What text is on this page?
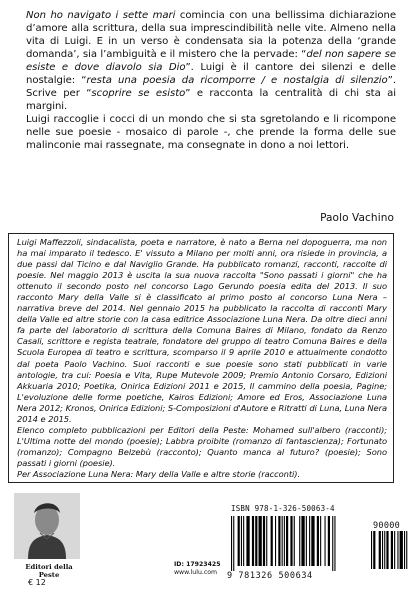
Non ho navigato i sette mari comincia con una bellissima dichiarazione d’amore alla scrittura, della sua imprescindibilità nelle vite. Almeno nella vita di Luigi. E in un verso è condensata sia la potenza della ‘grande domanda’, sia l’ambiguità e il mistero che la pervade: “del non sapere se esiste e dove diavolo sia Dio”. Luigi è il cantore dei silenzi e delle nostalgie: “resta una poesia da ricomporre / e nostalgia di silenzio”. Scrive per “scoprire se esisto” e racconta la centralità di chi sta ai margini.
Luigi raccoglie i cocci di un mondo che si sta sgretolando e li ricompone nelle sue poesie - mosaico di parole -, che prende la forma delle sue malinconie mai rassegnate, ma consegnate in dono a noi lettori.
Paolo Vachino

Luigi Maffezzoli, sindacalista, poeta e narratore, è nato a Berna nel dopoguerra, ma non ha mai imparato il tedesco. E' vissuto a Milano per molti anni, ora risiede in provincia, a due passi dal Ticino e dal Naviglio Grande. Ha pubblicato romanzi, racconti, raccolte di poesie. Nel maggio 2013 è uscita la sua nuova raccolta "Sono passati i giorni" che ha ottenuto il secondo posto nel concorso Lago Gerundo poesia edita del 2013. Il suo racconto Mary della Valle si è classificato al primo posto al concorso Luna Nera – narrativa breve del 2014. Nel gennaio 2015 ha pubblicato la raccolta di racconti Mary della Valle ed altre storie con la casa editrice Associazione Luna Nera. Da oltre dieci anni fa parte del laboratorio di scrittura della Comuna Baires di Milano, fondato da Renzo Casali, scrittore e regista teatrale, fondatore del gruppo di teatro Comuna Baires e della Scuola Europea di teatro e scrittura, scomparso il 9 aprile 2010 e attualmente condotto dal poeta Paolo Vachino. Suoi racconti e sue poesie sono stati pubblicati in varie antologie, tra cui: Poesia e Vita, Rupe Mutevole 2009; Premio Antonio Corsaro, Edizioni Akkuaria 2010; Poetika, Onirica Edizioni 2011 e 2015, Il cammino della poesia, Pagine; L'evoluzione delle forme poetiche, Kairos Edizioni; Amore ed Eros, Associazione Luna Nera 2012; Kronos, Onirica Edizioni; S-Composizioni d'Autore e Ritratti di Luna, Luna Nera 2014 e 2015.

Elenco completo pubblicazioni per Editori della Peste: Mohamed sull'albero (racconti); L'Ultima notte del mondo (poesie); Labbra proibite (romanzo di fantascienza); Fortunato (romanzo); Compagno Belzebù (racconto); Quanto manca al futuro? (poesie); Sono passati i giorni (poesie).

Per Associazione Luna Nera: Mary della Valle e altre storie (racconti).

Editori della Peste
€ 12
ID: 17923425
www.lulu.com
ISBN 978-1-326-50063-4
90000
9 781326 500634
